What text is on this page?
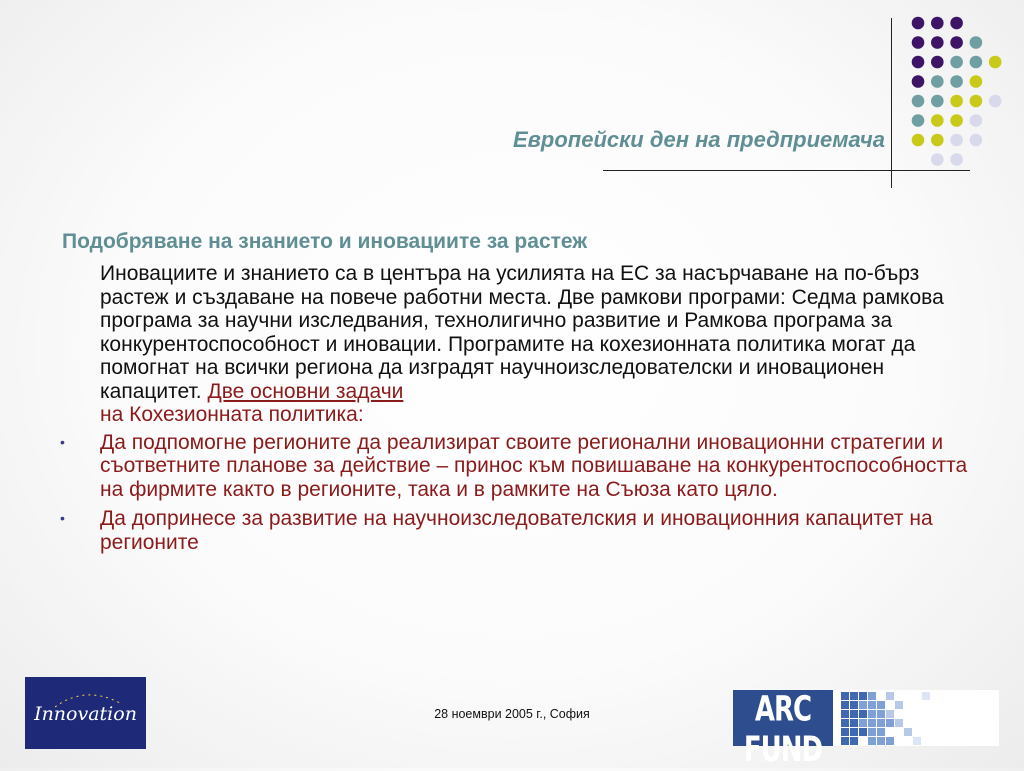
Европейски ден на предприемача
Подобряване на знанието и иновациите за растеж

Иновациите и знанието са в центъра на усилията на ЕС за насърчаване на по-бърз растеж и създаване на повече работни места. Две рамкови програми: Седма рамкова програма за научни изследвания, технолигично развитие и Рамкова програма за конкурентоспособност и иновации. Програмите на кохезионната политика могат да помогнат на всички региона да изградят научноизследователски и иновационен капацитет. Две основни задачи
на Кохезионната политика:

• Да подпомогне регионите да реализират своите регионални иновационни стратегии и съответните планове за действие – принос към повишаване на конкурентоспособността на фирмите както в регионите, така и в рамките на Съюза като цяло.
• Да допринесе за развитие на научноизследователския и иновационния капацитет на регионите
Innovation	28 ноември 2005 г., София	ARC FUND
